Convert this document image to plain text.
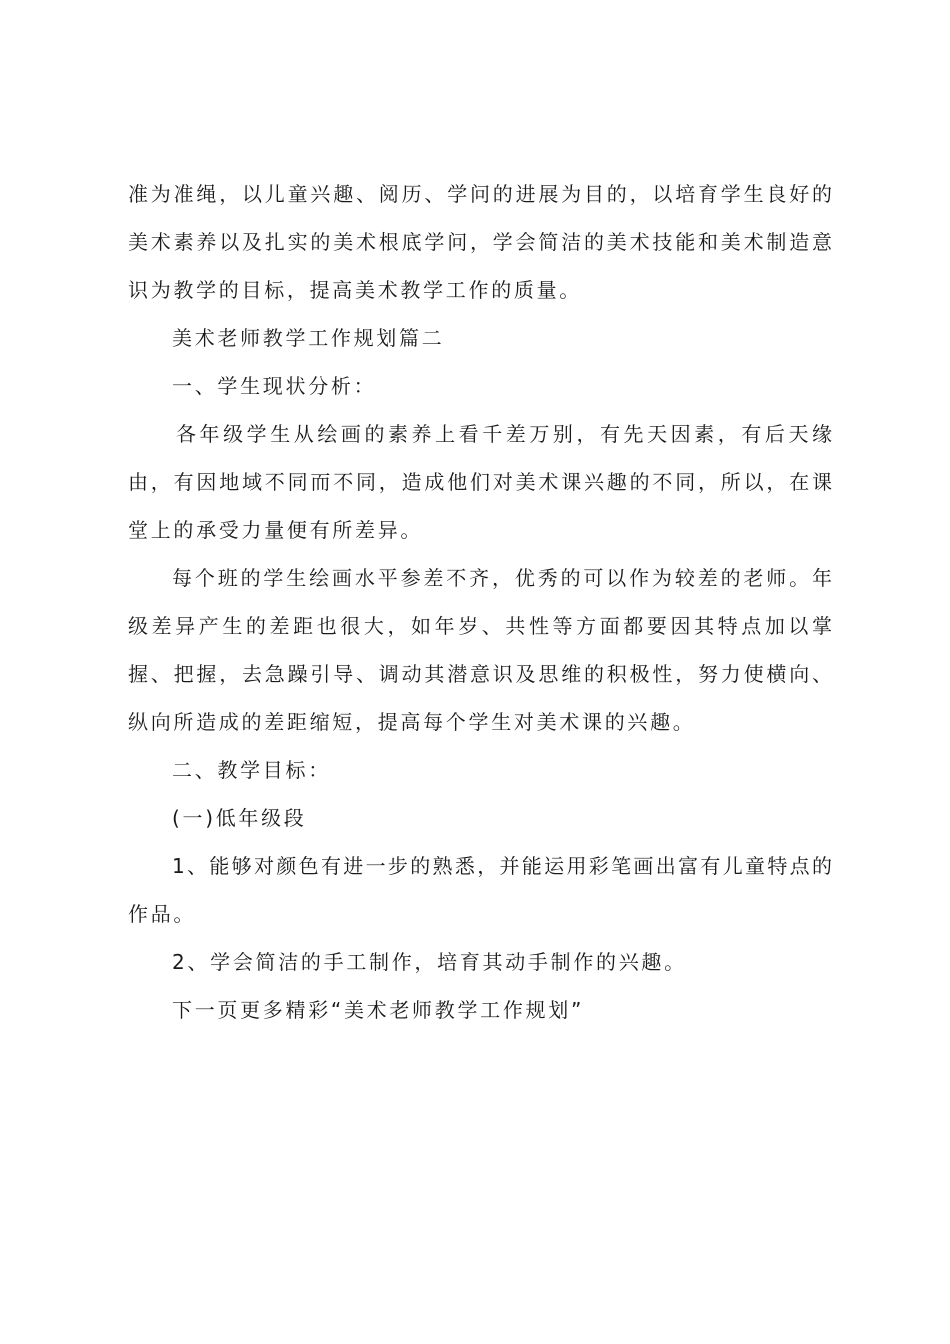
准为准绳，以儿童兴趣、阅历、学问的进展为目的，以培育学生良好的
美术素养以及扎实的美术根底学问，学会简洁的美术技能和美术制造意
识为教学的目标，提高美术教学工作的质量。
美术老师教学工作规划篇二
一、学生现状分析：
各年级学生从绘画的素养上看千差万别，有先天因素，有后天缘
由，有因地域不同而不同，造成他们对美术课兴趣的不同，所以，在课
堂上的承受力量便有所差异。
每个班的学生绘画水平参差不齐，优秀的可以作为较差的老师。年
级差异产生的差距也很大，如年岁、共性等方面都要因其特点加以掌
握、把握，去急躁引导、调动其潜意识及思维的积极性，努力使横向、
纵向所造成的差距缩短，提高每个学生对美术课的兴趣。
二、教学目标：
(一)低年级段
1、能够对颜色有进一步的熟悉，并能运用彩笔画出富有儿童特点的
作品。
2、学会简洁的手工制作，培育其动手制作的兴趣。
下一页更多精彩“美术老师教学工作规划”
